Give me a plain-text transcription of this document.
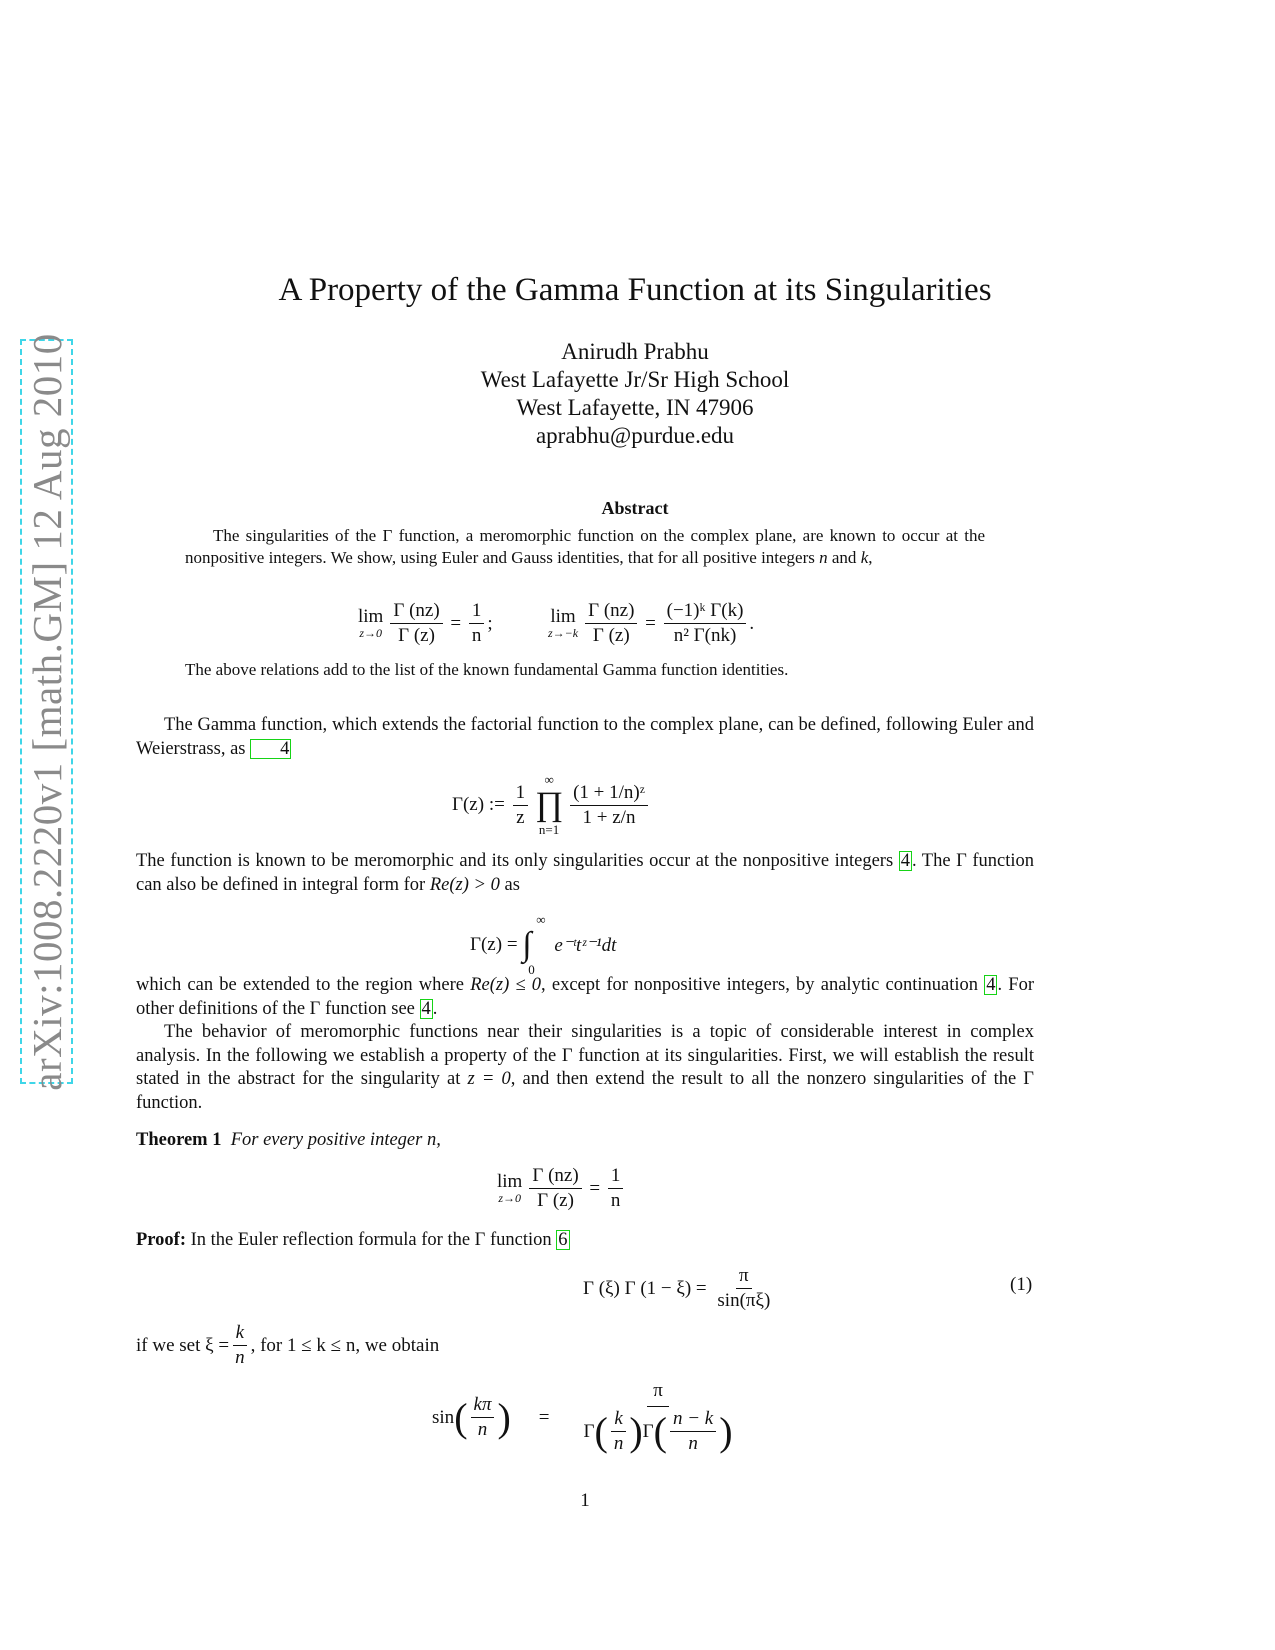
arXiv:1008.2220v1 [math.GM] 12 Aug 2010
A Property of the Gamma Function at its Singularities
Anirudh Prabhu
West Lafayette Jr/Sr High School
West Lafayette, IN 47906
aprabhu@purdue.edu
Abstract
The singularities of the Γ function, a meromorphic function on the complex plane, are known to occur at the nonpositive integers. We show, using Euler and Gauss identities, that for all positive integers n and k,
lim
$z\to 0 \frac{\Gamma (nz)}{\Gamma (z)} = \frac{1}{n}$ ;	lim
$z\to-k \frac{\Gamma (nz)}{\Gamma (z)} = \frac{\text{(−1)ᵏ Γ(k)}}{\text{n² Γ(nk)}}$ .
The above relations add to the list of the known fundamental Gamma function identities.
The Gamma function, which extends the factorial function to the complex plane, can be defined, following Euler and Weierstrass, as 4
Γ(z) :=
$\frac{1}{z}$
∞
∏
n=1
$\frac{\text{(1 + 1/n)ᶻ}}{1 + z/n}$
The function is known to be meromorphic and its only singularities occur at the nonpositive integers 4 . The Γ function can also be defined in integral form for Re(z) > 0 as
Γ(z) =

∞
∫
0

e⁻ᵗtᶻ⁻¹dt
which can be extended to the region where Re(z) ≤ 0, except for nonpositive integers, by analytic continuation 4 . For other definitions of the Γ function see 4 .
The behavior of meromorphic functions near their singularities is a topic of considerable interest in complex analysis. In the following we establish a property of the Γ function at its singularities. First, we will establish the result stated in the abstract for the singularity at z = 0, and then extend the result to all the nonzero singularities of the Γ function.
Theorem 1 For every positive integer n,
lim
$z\to 0 \frac{\Gamma (nz)}{\Gamma (z)} = \frac{1}{n}$
Proof: In the Euler reflection formula for the Γ function 6
Γ (ξ) Γ (1 − ξ) =
$\frac{\pi}{\sin(\pi\xi)}$	(1)
if we set $\xi = \frac{k}{n}$ , for 1 ≤ k ≤ n, we obtain
sin ( $\frac{k\pi}{n}$ ) =
π
Γ ( $\frac{k}{n}$ ) Γ ( $\frac{n - k}{n}$ )
1
